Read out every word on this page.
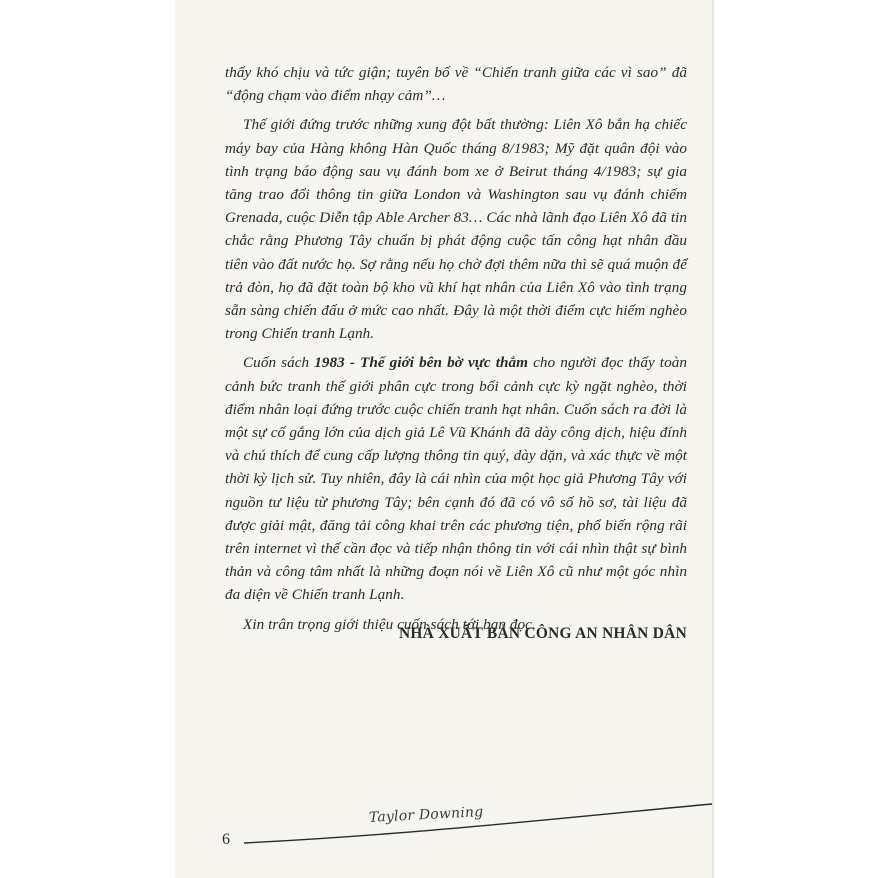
thấy khó chịu và tức giận; tuyên bố về “Chiến tranh giữa các vì sao” đã “động chạm vào điểm nhạy cảm”…

Thế giới đứng trước những xung đột bất thường: Liên Xô bắn hạ chiếc máy bay của Hàng không Hàn Quốc tháng 8/1983; Mỹ đặt quân đội vào tình trạng báo động sau vụ đánh bom xe ở Beirut tháng 4/1983; sự gia tăng trao đổi thông tin giữa London và Washington sau vụ đánh chiếm Grenada, cuộc Diễn tập Able Archer 83… Các nhà lãnh đạo Liên Xô đã tin chắc rằng Phương Tây chuẩn bị phát động cuộc tấn công hạt nhân đầu tiên vào đất nước họ. Sợ rằng nếu họ chờ đợi thêm nữa thì sẽ quá muộn để trả đòn, họ đã đặt toàn bộ kho vũ khí hạt nhân của Liên Xô vào tình trạng sẵn sàng chiến đấu ở mức cao nhất. Đây là một thời điểm cực hiếm nghèo trong Chiến tranh Lạnh.

Cuốn sách 1983 - Thế giới bên bờ vực thẳm cho người đọc thấy toàn cảnh bức tranh thế giới phân cực trong bối cảnh cực kỳ ngặt nghèo, thời điểm nhân loại đứng trước cuộc chiến tranh hạt nhân. Cuốn sách ra đời là một sự cố gắng lớn của dịch giả Lê Vũ Khánh đã dày công dịch, hiệu đính và chú thích để cung cấp lượng thông tin quý, dày dặn, và xác thực về một thời kỳ lịch sử. Tuy nhiên, đây là cái nhìn của một học giả Phương Tây với nguồn tư liệu từ phương Tây; bên cạnh đó đã có vô số hồ sơ, tài liệu đã được giải mật, đăng tải công khai trên các phương tiện, phổ biến rộng rãi trên internet vì thế cần đọc và tiếp nhận thông tin với cái nhìn thật sự bình thản và công tâm nhất là những đoạn nói về Liên Xô cũ như một góc nhìn đa diện về Chiến tranh Lạnh.

Xin trân trọng giới thiệu cuốn sách tới bạn đọc.

NHÀ XUẤT BẢN CÔNG AN NHÂN DÂN
6
Taylor Downing
